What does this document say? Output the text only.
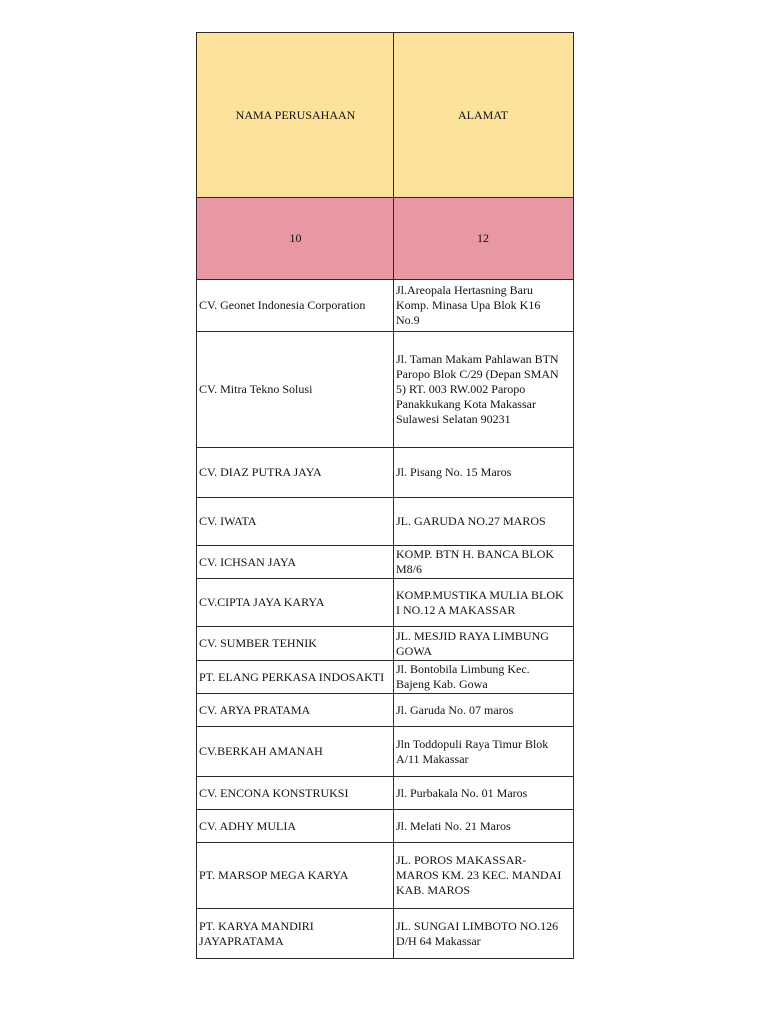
NAMA PERUSAHAAN	ALAMAT

10	12

CV. Geonet Indonesia Corporation	Jl.Areopala Hertasning Baru
Komp. Minasa Upa Blok K16
No.9

CV. Mitra Tekno Solusi	Jl. Taman Makam Pahlawan BTN
Paropo Blok C/29 (Depan SMAN
5) RT. 003 RW.002 Paropo
Panakkukang Kota Makassar
Sulawesi Selatan 90231

CV. DIAZ PUTRA JAYA	Jl. Pisang No. 15 Maros

CV. IWATA	JL. GARUDA NO.27 MAROS

CV. ICHSAN JAYA	KOMP. BTN H. BANCA BLOK
M8/6

CV.CIPTA JAYA KARYA	KOMP.MUSTIKA MULIA BLOK
I NO.12 A MAKASSAR

CV. SUMBER TEHNIK	JL. MESJID RAYA LIMBUNG
GOWA

PT. ELANG PERKASA INDOSAKTI	Jl. Bontobila Limbung Kec.
Bajeng Kab. Gowa

CV. ARYA PRATAMA	Jl. Garuda No. 07 maros

CV.BERKAH AMANAH	Jln Toddopuli Raya Timur Blok
A/11 Makassar

CV. ENCONA KONSTRUKSI	Jl. Purbakala No. 01 Maros

CV. ADHY MULIA	Jl. Melati No. 21 Maros

PT. MARSOP MEGA KARYA	JL. POROS MAKASSAR-
MAROS KM. 23 KEC. MANDAI
KAB. MAROS

PT. KARYA MANDIRI
JAYAPRATAMA	JL. SUNGAI LIMBOTO NO.126
D/H 64 Makassar
